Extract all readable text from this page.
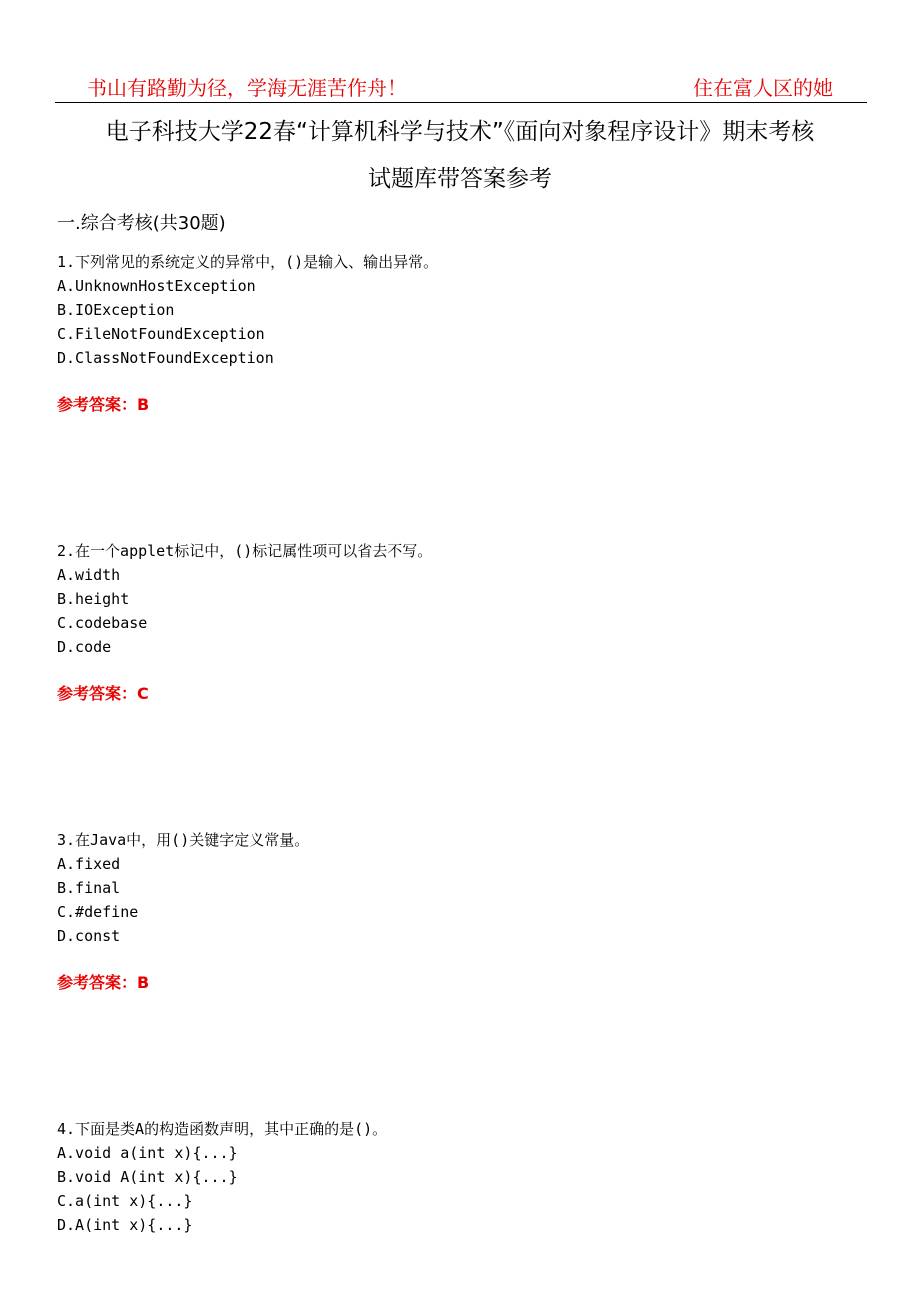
书山有路勤为径，学海无涯苦作舟！	住在富人区的她
电子科技大学22春“计算机科学与技术”《面向对象程序设计》期末考核
试题库带答案参考
一.综合考核(共30题)
1.下列常见的系统定义的异常中，()是输入、输出异常。
A.UnknownHostException
B.IOException
C.FileNotFoundException
D.ClassNotFoundException
参考答案：B
2.在一个applet标记中，()标记属性项可以省去不写。
A.width
B.height
C.codebase
D.code
参考答案：C
3.在Java中，用()关键字定义常量。
A.fixed
B.final
C.#define
D.const
参考答案：B
4.下面是类A的构造函数声明，其中正确的是()。
A.void a(int x){...}
B.void A(int x){...}
C.a(int x){...}
D.A(int x){...}
